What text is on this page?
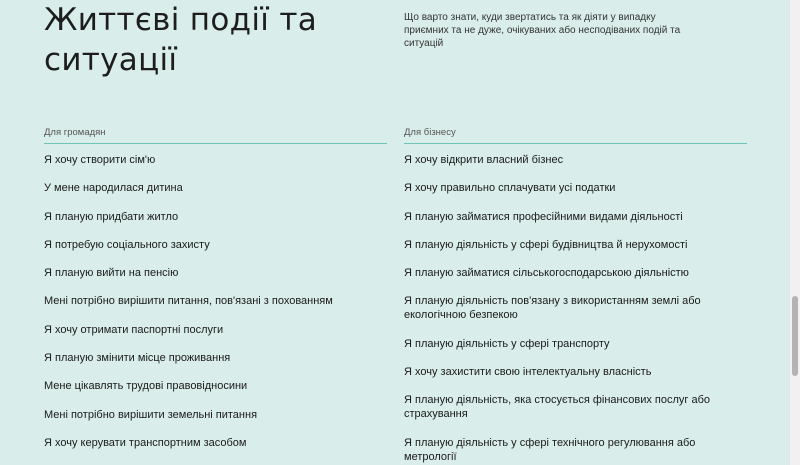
Життєві події та ситуації

Що варто знати, куди звертатись та як діяти у випадку приємних та не дуже, очікуваних або несподіваних подій та ситуацій

Для громадян
Я хочу створити сім'ю
У мене народилася дитина
Я планую придбати житло
Я потребую соціального захисту
Я планую вийти на пенсію
Мені потрібно вирішити питання, пов'язані з похованням
Я хочу отримати паспортні послуги
Я планую змінити місце проживання
Мене цікавлять трудові правовідносини
Мені потрібно вирішити земельні питання
Я хочу керувати транспортним засобом
Для бізнесу
Я хочу відкрити власний бізнес
Я хочу правильно сплачувати усі податки
Я планую займатися професійними видами діяльності
Я планую діяльність у сфері будівництва й нерухомості
Я планую займатися сільськогосподарською діяльністю
Я планую діяльність пов'язану з використанням землі або екологічною безпекою
Я планую діяльність у сфері транспорту
Я хочу захистити свою інтелектуальну власність
Я планую діяльність, яка стосується фінансових послуг або страхування
Я планую діяльність у сфері технічного регулювання або метрології
